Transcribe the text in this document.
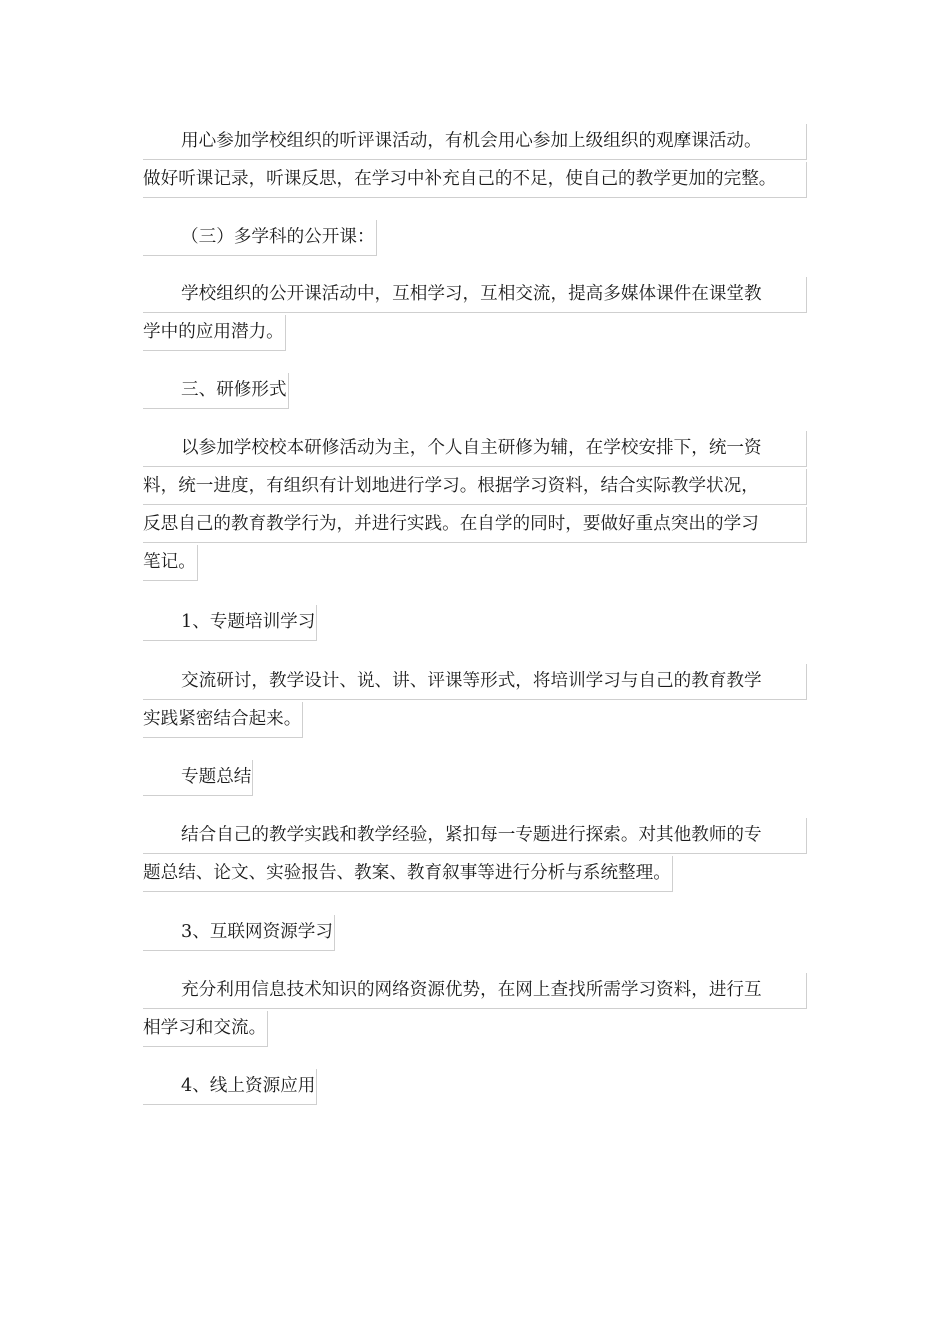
用心参加学校组织的听评课活动，有机会用心参加上级组织的观摩课活动。
做好听课记录，听课反思，在学习中补充自己的不足，使自己的教学更加的完整。
（三）多学科的公开课：
学校组织的公开课活动中，互相学习，互相交流，提高多媒体课件在课堂教
学中的应用潜力。
三、研修形式
以参加学校校本研修活动为主，个人自主研修为辅，在学校安排下，统一资
料，统一进度，有组织有计划地进行学习。根据学习资料，结合实际教学状况，
反思自己的教育教学行为，并进行实践。在自学的同时，要做好重点突出的学习
笔记。
1、专题培训学习
交流研讨，教学设计、说、讲、评课等形式，将培训学习与自己的教育教学
实践紧密结合起来。
专题总结
结合自己的教学实践和教学经验，紧扣每一专题进行探索。对其他教师的专
题总结、论文、实验报告、教案、教育叙事等进行分析与系统整理。
3、互联网资源学习
充分利用信息技术知识的网络资源优势，在网上查找所需学习资料，进行互
相学习和交流。
4、线上资源应用
